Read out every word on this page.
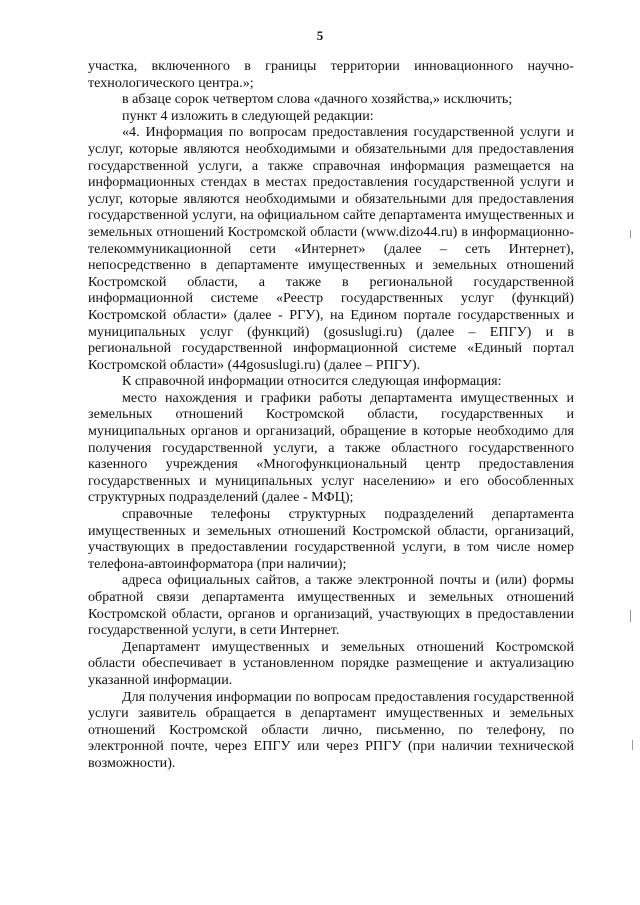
5

участка, включенного в границы территории инновационного научно-технологического центра.»;

в абзаце сорок четвертом слова «дачного хозяйства,» исключить;

пункт 4 изложить в следующей редакции:

«4. Информация по вопросам предоставления государственной услуги и услуг, которые являются необходимыми и обязательными для предоставления государственной услуги, а также справочная информация размещается на информационных стендах в местах предоставления государственной услуги и услуг, которые являются необходимыми и обязательными для предоставления государственной услуги, на официальном сайте департамента имущественных и земельных отношений Костромской области (www.dizo44.ru) в информационно-телекоммуникационной сети «Интернет» (далее – сеть Интернет), непосредственно в департаменте имущественных и земельных отношений Костромской области, а также в региональной государственной информационной системе «Реестр государственных услуг (функций) Костромской области» (далее - РГУ), на Едином портале государственных и муниципальных услуг (функций) (gosuslugi.ru) (далее – ЕПГУ) и в региональной государственной информационной системе «Единый портал Костромской области» (44gosuslugi.ru) (далее – РПГУ).

К справочной информации относится следующая информация:

место нахождения и графики работы департамента имущественных и земельных отношений Костромской области, государственных и муниципальных органов и организаций, обращение в которые необходимо для получения государственной услуги, а также областного государственного казенного учреждения «Многофункциональный центр предоставления государственных и муниципальных услуг населению» и его обособленных структурных подразделений (далее - МФЦ);

справочные телефоны структурных подразделений департамента имущественных и земельных отношений Костромской области, организаций, участвующих в предоставлении государственной услуги, в том числе номер телефона-автоинформатора (при наличии);

адреса официальных сайтов, а также электронной почты и (или) формы обратной связи департамента имущественных и земельных отношений Костромской области, органов и организаций, участвующих в предоставлении государственной услуги, в сети Интернет.

Департамент имущественных и земельных отношений Костромской области обеспечивает в установленном порядке размещение и актуализацию указанной информации.

Для получения информации по вопросам предоставления государственной услуги заявитель обращается в департамент имущественных и земельных отношений Костромской области лично, письменно, по телефону, по электронной почте, через ЕПГУ или через РПГУ (при наличии технической возможности).
